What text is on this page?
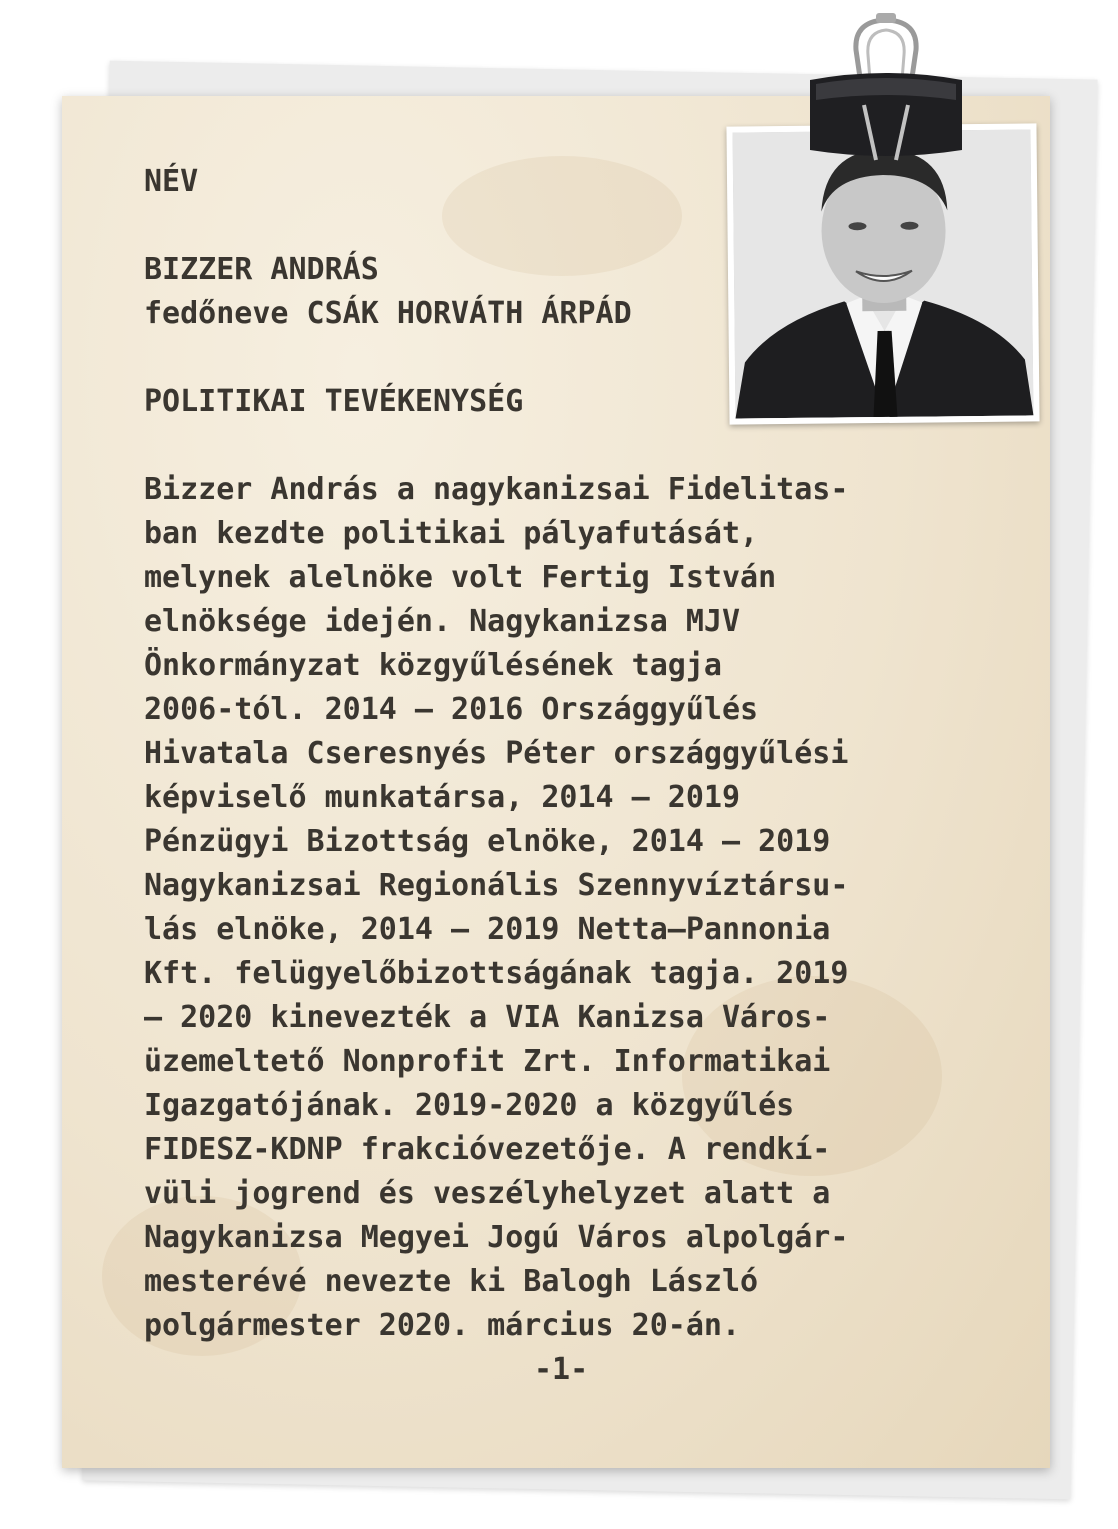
NÉV
BIZZER ANDRÁS
fedőneve CSÁK HORVÁTH ÁRPÁD
POLITIKAI TEVÉKENYSÉG
Bizzer András a nagykanizsai Fidelitas-
ban kezdte politikai pályafutását,
melynek alelnöke volt Fertig István
elnöksége idején. Nagykanizsa MJV
Önkormányzat közgyűlésének tagja
2006-tól. 2014 – 2016 Országgyűlés
Hivatala Cseresnyés Péter országgyűlési
képviselő munkatársa, 2014 – 2019
Pénzügyi Bizottság elnöke, 2014 – 2019
Nagykanizsai Regionális Szennyvíztársu-
lás elnöke, 2014 – 2019 Netta–Pannonia
Kft. felügyelőbizottságának tagja. 2019
– 2020 kinevezték a VIA Kanizsa Város-
üzemeltető Nonprofit Zrt. Informatikai
Igazgatójának. 2019-2020 a közgyűlés
FIDESZ-KDNP frakcióvezetője. A rendkí-
vüli jogrend és veszélyhelyzet alatt a
Nagykanizsa Megyei Jogú Város alpolgár-
mesterévé nevezte ki Balogh László
polgármester 2020. március 20-án.
-1-
